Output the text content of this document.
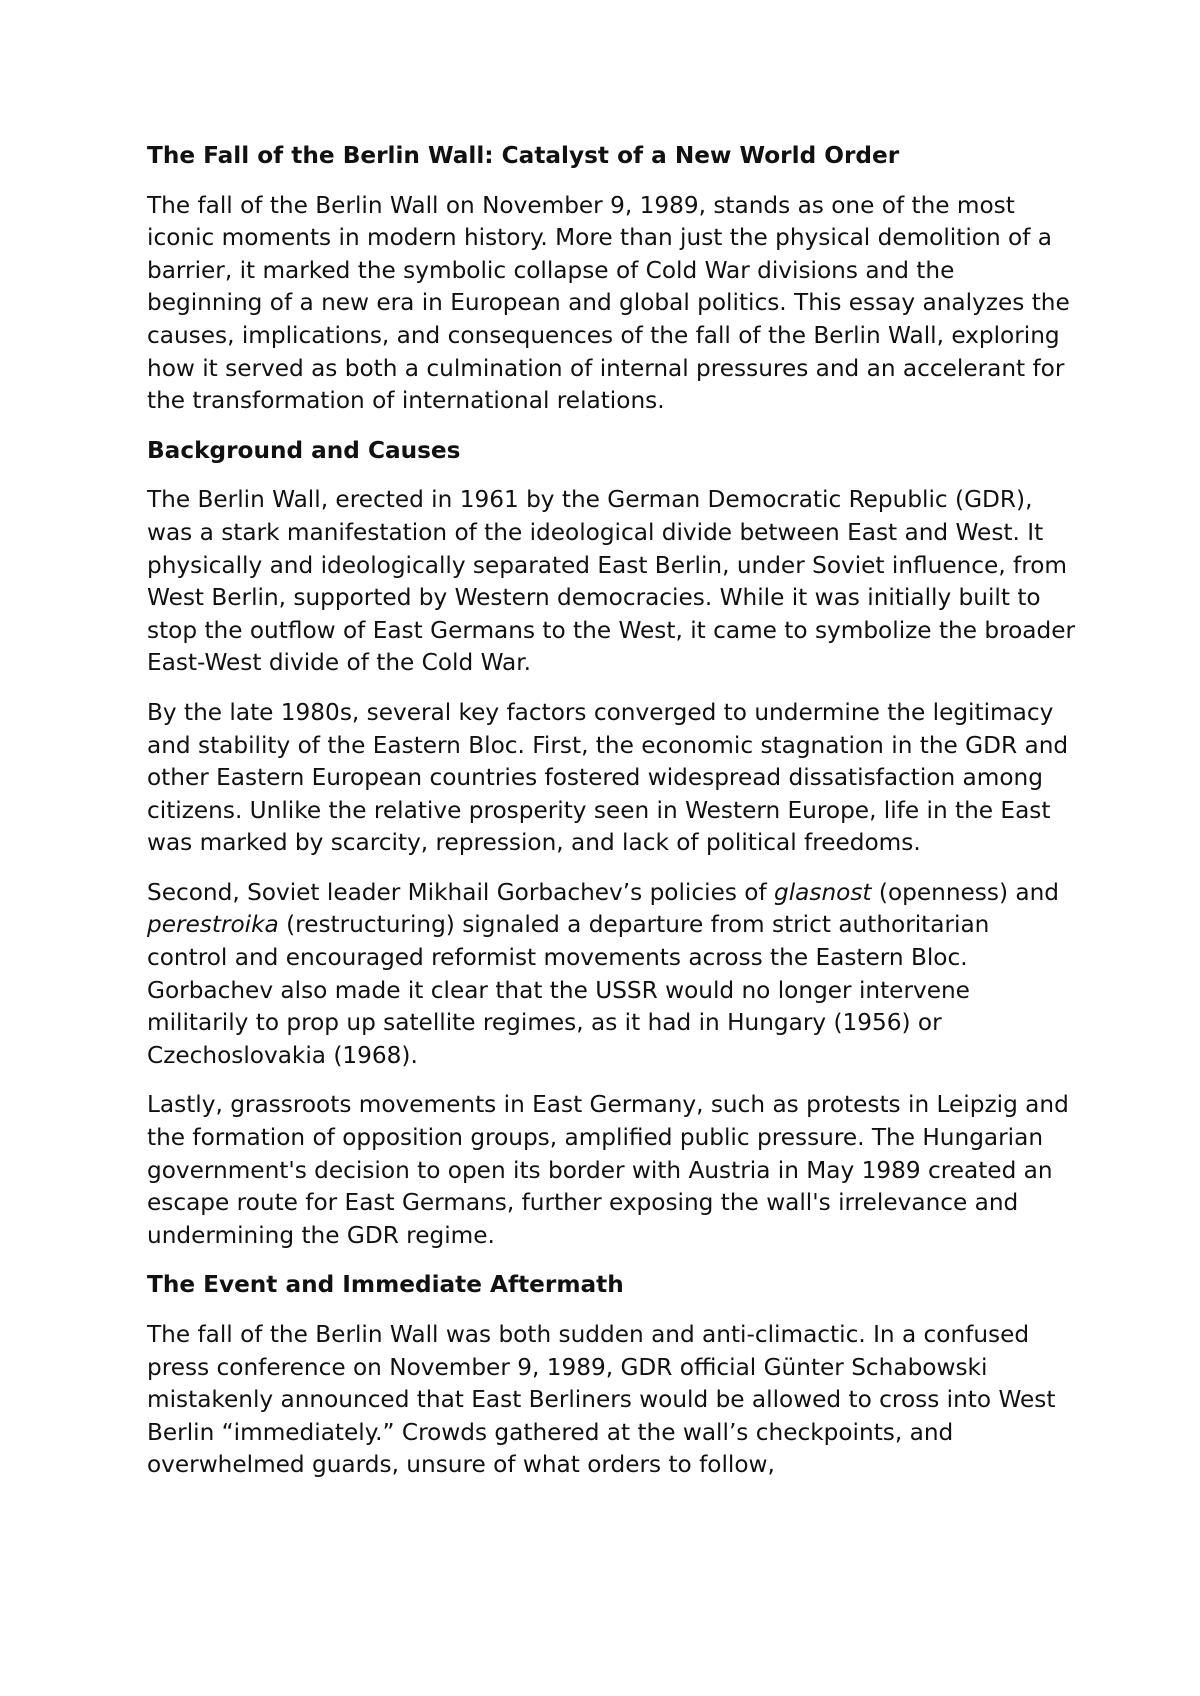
The Fall of the Berlin Wall: Catalyst of a New World Order

The fall of the Berlin Wall on November 9, 1989, stands as one of the most iconic moments in modern history. More than just the physical demolition of a barrier, it marked the symbolic collapse of Cold War divisions and the beginning of a new era in European and global politics. This essay analyzes the causes, implications, and consequences of the fall of the Berlin Wall, exploring how it served as both a culmination of internal pressures and an accelerant for the transformation of international relations.

Background and Causes

The Berlin Wall, erected in 1961 by the German Democratic Republic (GDR), was a stark manifestation of the ideological divide between East and West. It physically and ideologically separated East Berlin, under Soviet influence, from West Berlin, supported by Western democracies. While it was initially built to stop the outflow of East Germans to the West, it came to symbolize the broader East-West divide of the Cold War.

By the late 1980s, several key factors converged to undermine the legitimacy and stability of the Eastern Bloc. First, the economic stagnation in the GDR and other Eastern European countries fostered widespread dissatisfaction among citizens. Unlike the relative prosperity seen in Western Europe, life in the East was marked by scarcity, repression, and lack of political freedoms.

Second, Soviet leader Mikhail Gorbachev’s policies of glasnost (openness) and perestroika (restructuring) signaled a departure from strict authoritarian control and encouraged reformist movements across the Eastern Bloc. Gorbachev also made it clear that the USSR would no longer intervene militarily to prop up satellite regimes, as it had in Hungary (1956) or Czechoslovakia (1968).

Lastly, grassroots movements in East Germany, such as protests in Leipzig and the formation of opposition groups, amplified public pressure. The Hungarian government's decision to open its border with Austria in May 1989 created an escape route for East Germans, further exposing the wall's irrelevance and undermining the GDR regime.

The Event and Immediate Aftermath

The fall of the Berlin Wall was both sudden and anti-climactic. In a confused press conference on November 9, 1989, GDR official Günter Schabowski mistakenly announced that East Berliners would be allowed to cross into West Berlin “immediately.” Crowds gathered at the wall’s checkpoints, and overwhelmed guards, unsure of what orders to follow,
